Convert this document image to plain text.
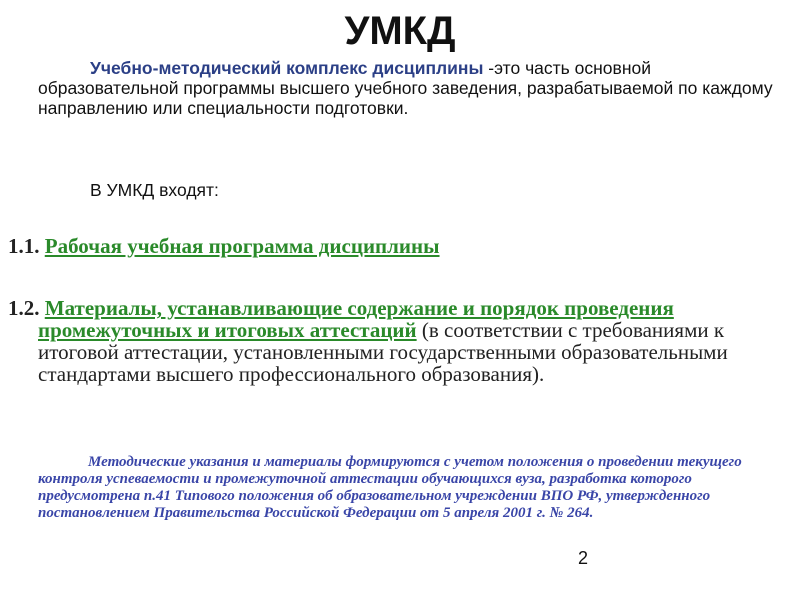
УМКД
Учебно-методический комплекс дисциплины -это часть основной образовательной программы высшего учебного заведения, разрабатываемой по каждому направлению или специальности подготовки.
В УМКД входят:
1.1. Рабочая учебная программа дисциплины
1.2. Материалы, устанавливающие содержание и порядок проведения промежуточных и итоговых аттестаций (в соответствии с требованиями к итоговой аттестации, установленными государственными образовательными стандартами высшего профессионального образования).
Методические указания и материалы формируются с учетом положения о проведении текущего контроля успеваемости и промежуточной аттестации обучающихся вуза, разработка которого предусмотрена п.41 Типового положения об образовательном учреждении ВПО РФ, утвержденного постановлением Правительства Российской Федерации от 5 апреля 2001 г. № 264.
2
